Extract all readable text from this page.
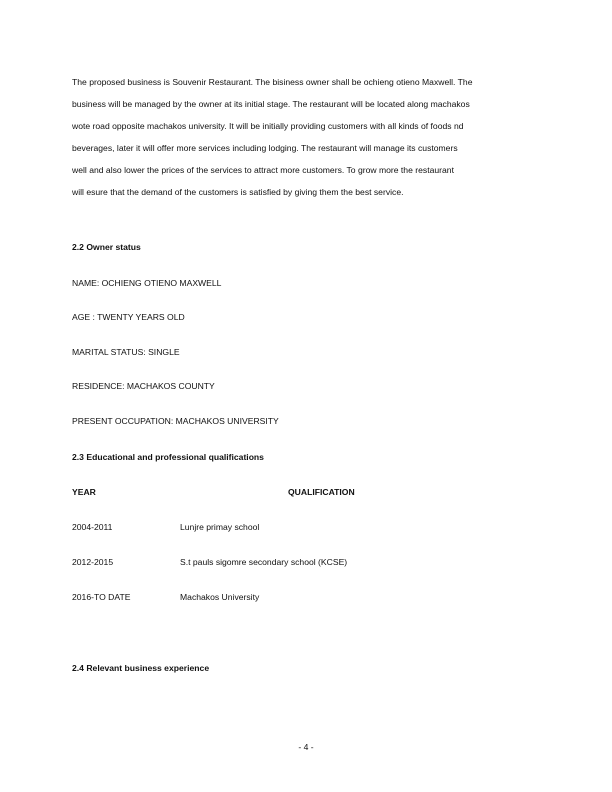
The proposed business is Souvenir Restaurant. The bisiness owner shall be ochieng otieno Maxwell. The
business will be managed by the owner at its initial stage. The restaurant will be located along machakos
wote road opposite machakos university. It will be initially providing customers with all kinds of foods nd
beverages, later it will offer more services including lodging. The restaurant will manage its customers
well and also lower the prices of the services to attract more customers. To grow more the restaurant
will esure that the demand of the customers is satisfied by giving them the best service.
2.2 Owner status
NAME: OCHIENG OTIENO MAXWELL
AGE : TWENTY YEARS OLD
MARITAL STATUS: SINGLE
RESIDENCE: MACHAKOS COUNTY
PRESENT OCCUPATION: MACHAKOS UNIVERSITY
2.3 Educational and professional qualifications
YEAR	QUALIFICATION
2004-2011	Lunjre primay school
2012-2015	S.t pauls sigomre secondary school (KCSE)
2016-TO DATE	Machakos University
2.4 Relevant business experience
- 4 -
